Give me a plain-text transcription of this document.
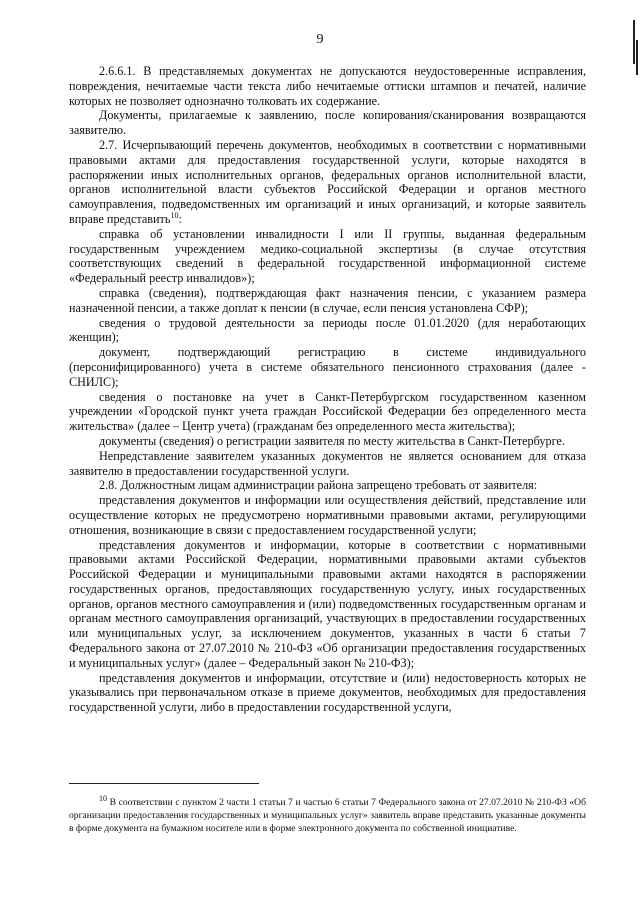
9

2.6.6.1. В представляемых документах не допускаются неудостоверенные исправления, повреждения, нечитаемые части текста либо нечитаемые оттиски штампов и печатей, наличие которых не позволяет однозначно толковать их содержание.

Документы, прилагаемые к заявлению, после копирования/сканирования возвращаются заявителю.

2.7. Исчерпывающий перечень документов, необходимых в соответствии с нормативными правовыми актами для предоставления государственной услуги, которые находятся в распоряжении иных исполнительных органов, федеральных органов исполнительной власти, органов исполнительной власти субъектов Российской Федерации и органов местного самоуправления, подведомственных им организаций и иных организаций, и которые заявитель вправе представить$^{10}$:

справка об установлении инвалидности I или II группы, выданная федеральным государственным учреждением медико-социальной экспертизы (в случае отсутствия соответствующих сведений в федеральной государственной информационной системе «Федеральный реестр инвалидов»);

справка (сведения), подтверждающая факт назначения пенсии, с указанием размера назначенной пенсии, а также доплат к пенсии (в случае, если пенсия установлена СФР);

сведения о трудовой деятельности за периоды после 01.01.2020 (для неработающих женщин);

документ, подтверждающий регистрацию в системе индивидуального (персонифицированного) учета в системе обязательного пенсионного страхования (далее - СНИЛС);

сведения о постановке на учет в Санкт-Петербургском государственном казенном учреждении «Городской пункт учета граждан Российской Федерации без определенного места жительства» (далее – Центр учета) (гражданам без определенного места жительства);

документы (сведения) о регистрации заявителя по месту жительства в Санкт-Петербурге.

Непредставление заявителем указанных документов не является основанием для отказа заявителю в предоставлении государственной услуги.

2.8. Должностным лицам администрации района запрещено требовать от заявителя:

представления документов и информации или осуществления действий, представление или осуществление которых не предусмотрено нормативными правовыми актами, регулирующими отношения, возникающие в связи с предоставлением государственной услуги;

представления документов и информации, которые в соответствии с нормативными правовыми актами Российской Федерации, нормативными правовыми актами субъектов Российской Федерации и муниципальными правовыми актами находятся в распоряжении государственных органов, предоставляющих государственную услугу, иных государственных органов, органов местного самоуправления и (или) подведомственных государственным органам и органам местного самоуправления организаций, участвующих в предоставлении государственных или муниципальных услуг, за исключением документов, указанных в части 6 статьи 7 Федерального закона от 27.07.2010 № 210-ФЗ «Об организации предоставления государственных и муниципальных услуг» (далее – Федеральный закон № 210-ФЗ);

представления документов и информации, отсутствие и (или) недостоверность которых не указывались при первоначальном отказе в приеме документов, необходимых для предоставления государственной услуги, либо в предоставлении государственной услуги,

$^{10}$ В соответствии с пунктом 2 части 1 статьи 7 и частью 6 статьи 7 Федерального закона от 27.07.2010 № 210-ФЗ «Об организации предоставления государственных и муниципальных услуг» заявитель вправе представить указанные документы в форме документа на бумажном носителе или в форме электронного документа по собственной инициативе.
